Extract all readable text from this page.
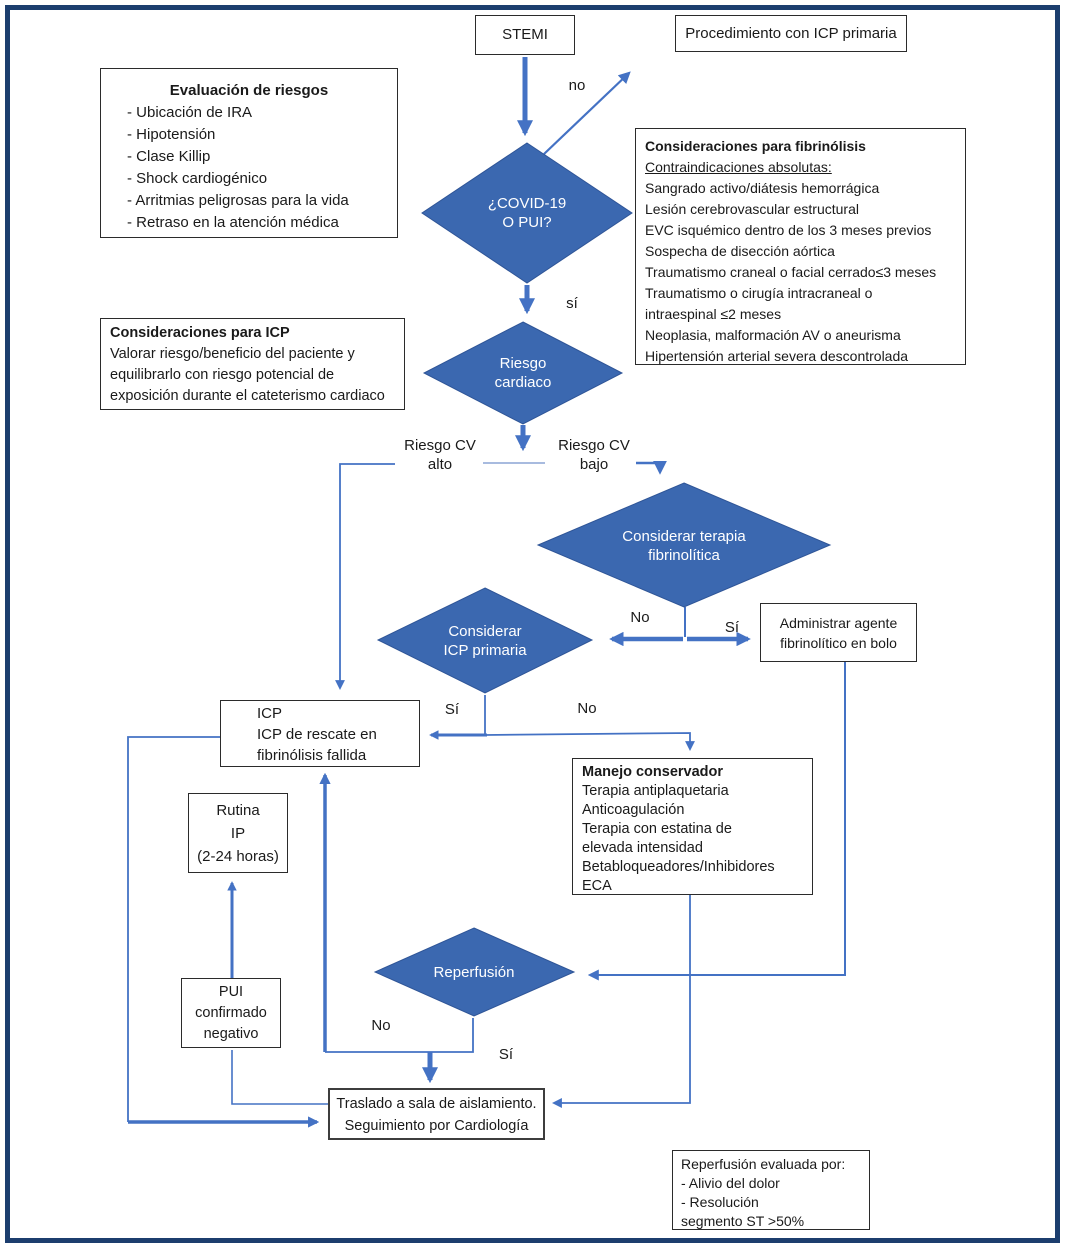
¿COVID-19
O PUI?
Riesgo
cardiaco
Considerar terapia
fibrinolítica
Considerar
ICP primaria
Reperfusión
STEMI	Procedimiento con ICP primaria
Evaluación de riesgos
- Ubicación de IRA
- Hipotensión
- Clase Killip
- Shock cardiogénico
- Arritmias peligrosas para la vida
- Retraso en la atención médica
Consideraciones para fibrinólisis
Contraindicaciones absolutas:
Sangrado activo/diátesis hemorrágica
Lesión cerebrovascular estructural
EVC isquémico dentro de los 3 meses previos
Sospecha de disección aórtica
Traumatismo craneal o facial cerrado≤3 meses
Traumatismo o cirugía intracraneal o
intraespinal ≤2 meses
Neoplasia, malformación AV o aneurisma
Hipertensión arterial severa descontrolada
Consideraciones para ICP
Valorar riesgo/beneficio del paciente y
equilibrarlo con riesgo potencial de
exposición durante el cateterismo cardiaco
Administrar agente
fibrinolítico en bolo
ICP
ICP de rescate en
fibrinólisis fallida
Rutina
IP
(2-24 horas)
Manejo conservador
Terapia antiplaquetaria
Anticoagulación
Terapia con estatina de
elevada intensidad
Betabloqueadores/Inhibidores
ECA
PUI
confirmado
negativo
Traslado a sala de aislamiento.
Seguimiento por Cardiología
Reperfusión evaluada por:
- Alivio del dolor
- Resolución
segmento ST >50%
no
sí
Riesgo CV
alto
Riesgo CV
bajo
No
Sí
Sí	No
No
Sí
